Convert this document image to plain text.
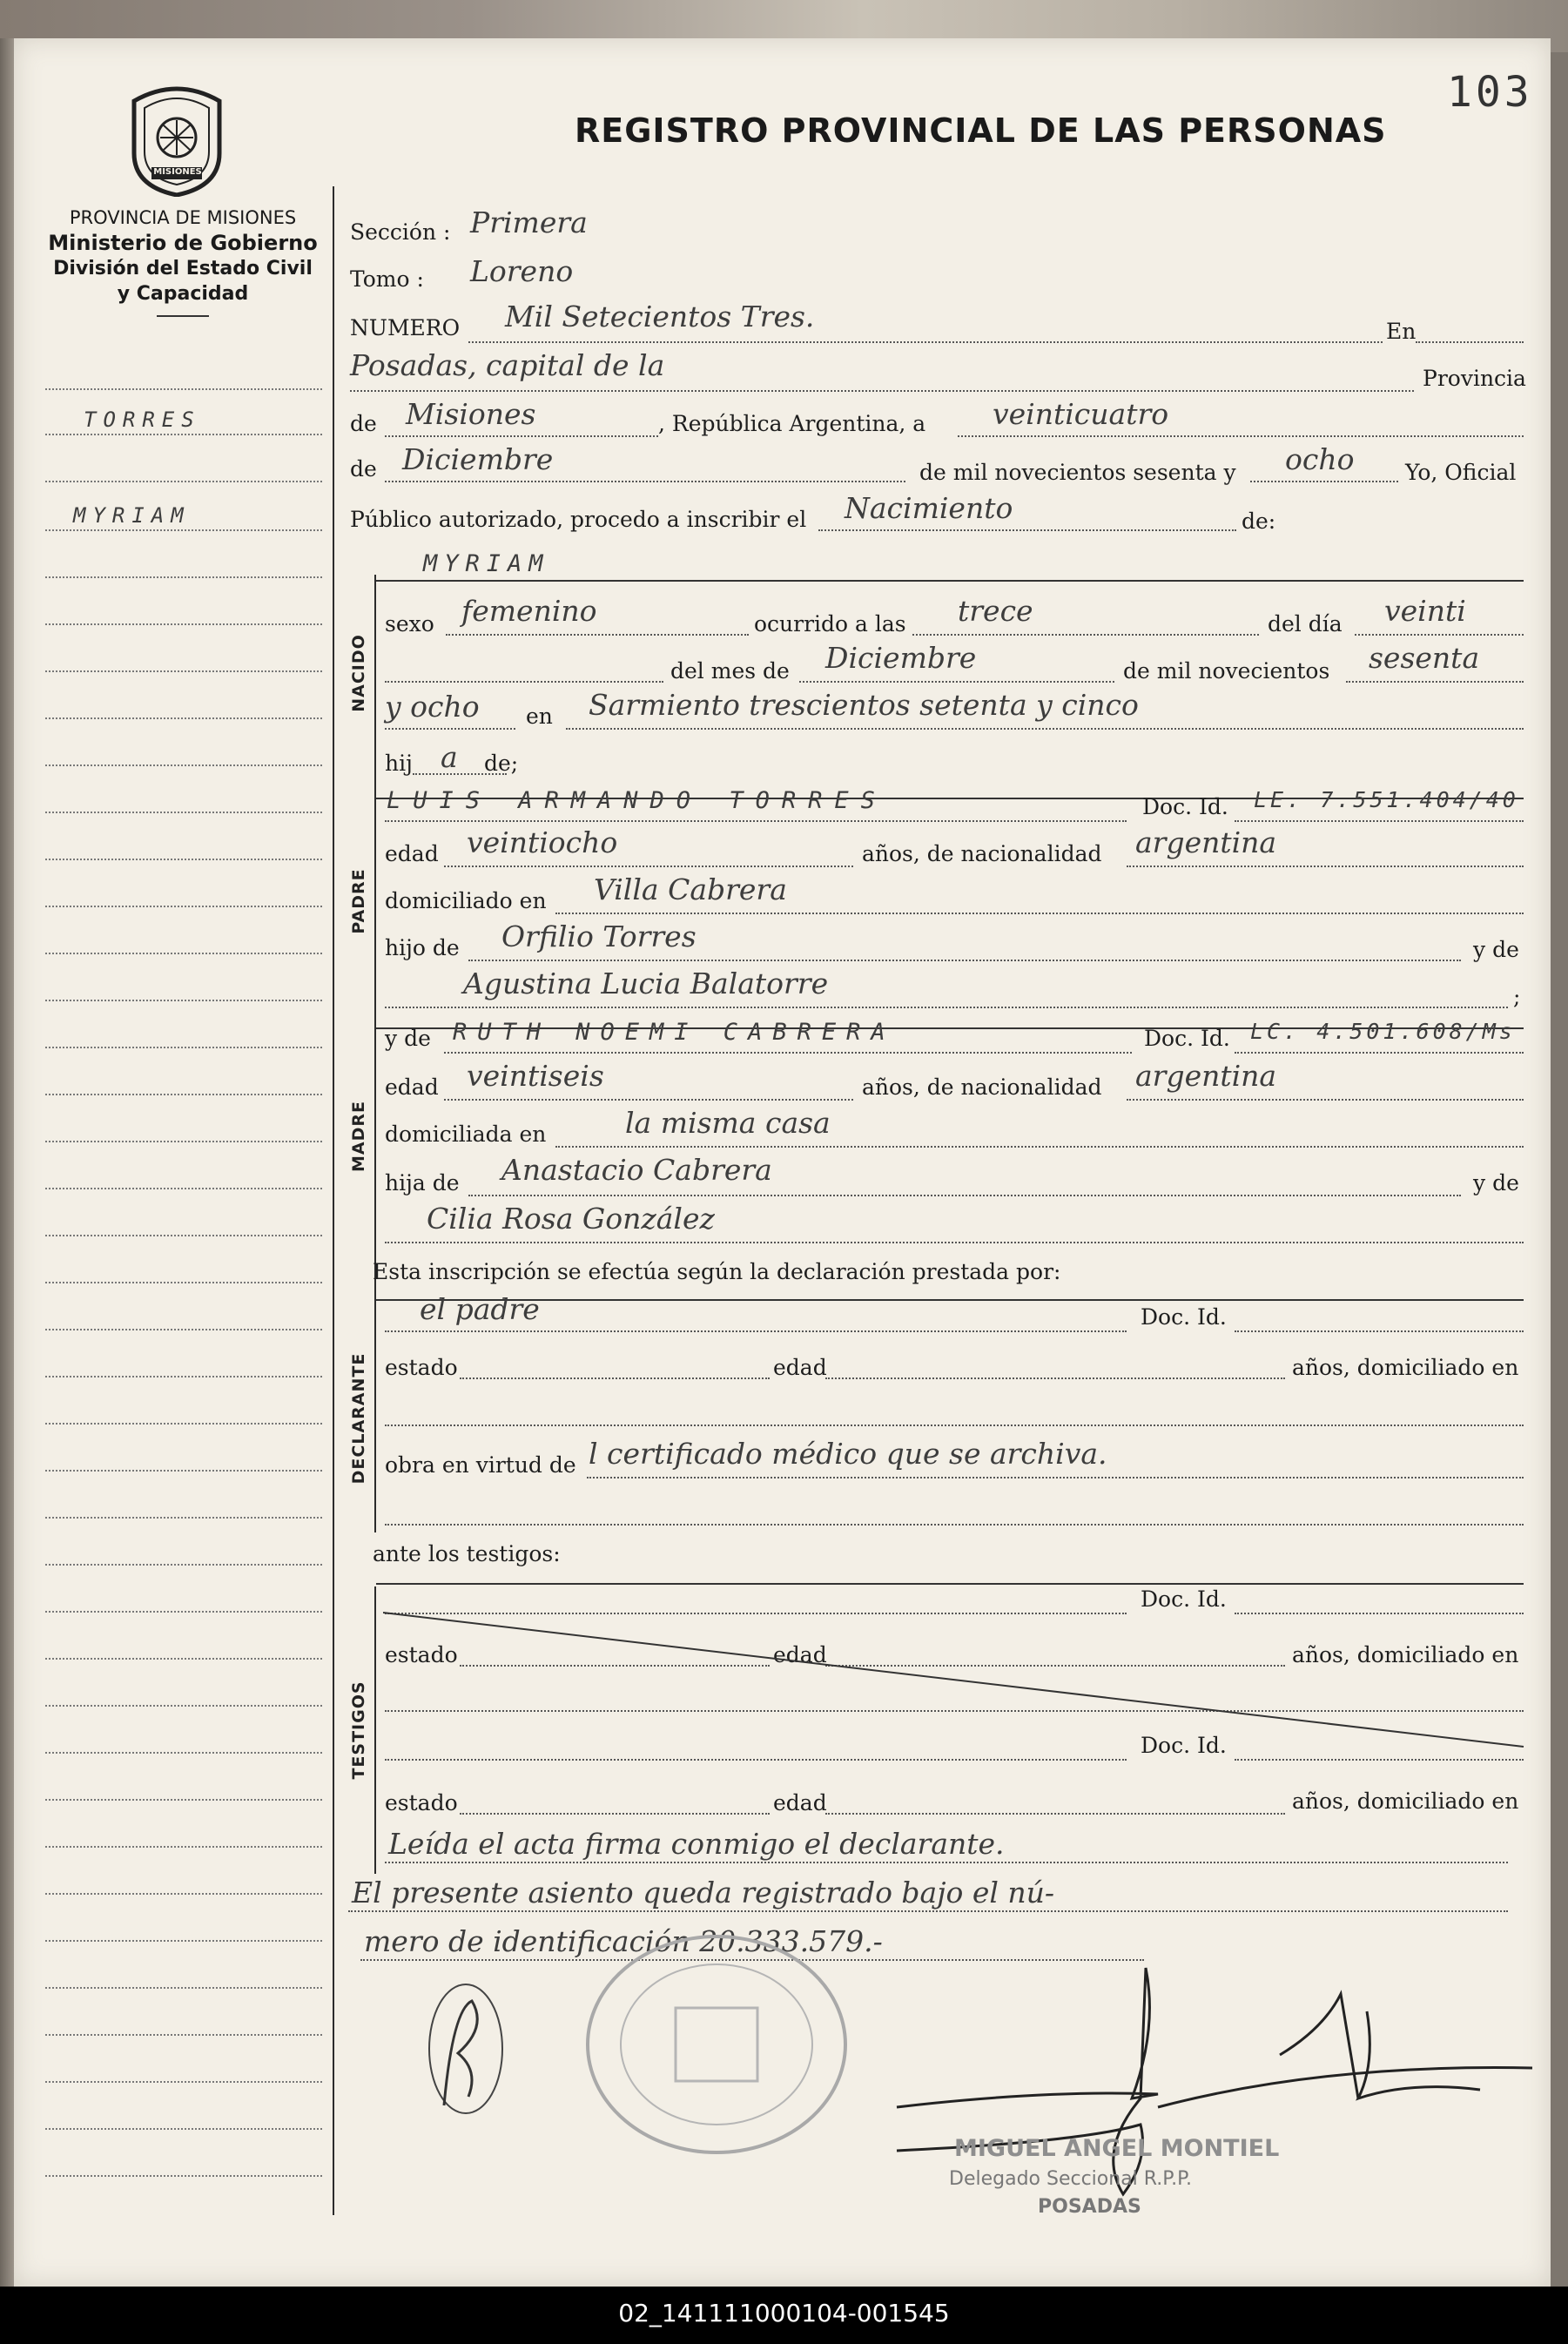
103
REGISTRO PROVINCIAL DE LAS PERSONAS
MISIONES
PROVINCIA DE MISIONES
Ministerio de Gobierno
División del Estado Civil
y Capacidad
TORRES
MYRIAM
NACIDO
PADRE
MADRE
DECLARANTE
TESTIGOS
Sección : Primera
Tomo : Loreno
NUMERO Mil Setecientos Tres.	En
Posadas, capital de la	Provincia
de Misiones	, República Argentina, a veinticuatro
de Diciembre	de mil novecientos sesenta y ocho Yo, Oficial
Público autorizado, procedo a inscribir el Nacimiento	de:
MYRIAM
sexo femenino	ocurrido a las trece	del día veinti
del mes de Diciembre	de mil novecientos sesenta
y ocho en Sarmiento trescientos setenta y cinco
hij a de;
LUIS ARMANDO TORRES	Doc. Id. LE. 7.551.404/40
edad veintiocho	años, de nacionalidad argentina
domiciliado en Villa Cabrera
hijo de Orfilio Torres	y de
Agustina Lucia Balatorre	;
y de RUTH NOEMI CABRERA	Doc. Id. LC. 4.501.608/Ms
edad veintiseis	años, de nacionalidad argentina
domiciliada en	la misma casa
hija de Anastacio Cabrera	y de
Cilia Rosa González
Esta inscripción se efectúa según la declaración prestada por:
el padre	Doc. Id.
estado	edad	años, domiciliado en
obra en virtud de l certificado médico que se archiva.
ante los testigos:
Doc. Id.
estado	edad	años, domiciliado en
Doc. Id.
estado	edad	años, domiciliado en
Leída el acta firma conmigo el declarante.
El presente asiento queda registrado bajo el nú-
mero de identificación 20.333.579.-
MIGUEL ANGEL MONTIEL
Delegado Seccional R.P.P.
POSADAS
02_141111000104-001545
